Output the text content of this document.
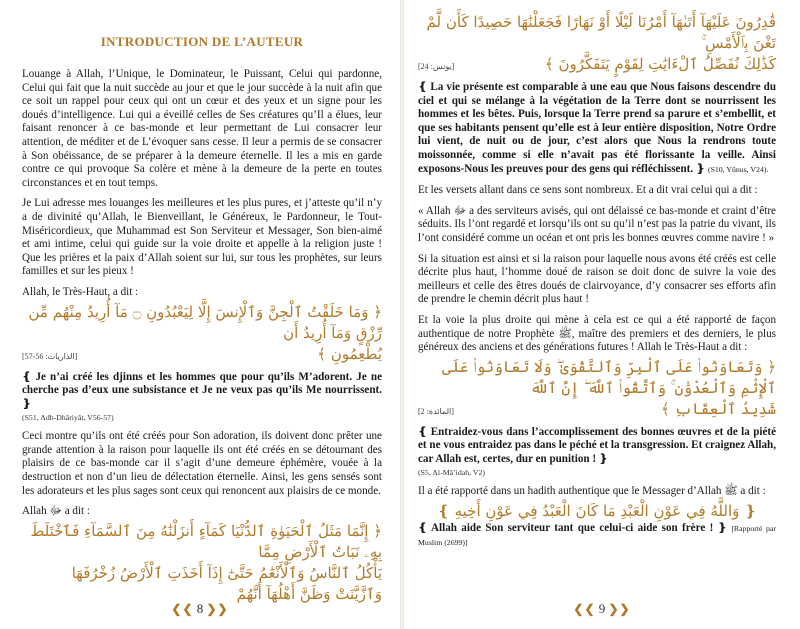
INTRODUCTION DE L’AUTEUR

Louange à Allah, l’Unique, le Dominateur, le Puissant, Celui qui pardonne, Celui qui fait que la nuit succède au jour et que le jour succède à la nuit afin que ce soit un rappel pour ceux qui ont un cœur et des yeux et un signe pour les doués d’intelligence. Lui qui a éveillé celles de Ses créatures qu’Il a élues, leur faisant renoncer à ce bas-monde et leur permettant de Lui consacrer leur attention, de méditer et de L’évoquer sans cesse. Il leur a permis de se consacrer à Son obéissance, de se préparer à la demeure éternelle. Il les a mis en garde contre ce qui provoque Sa colère et mène à la demeure de la perte en toutes circonstances et en tout temps.

Je Lui adresse mes louanges les meilleures et les plus pures, et j’atteste qu’il n’y a de divinité qu’Allah, le Bienveillant, le Généreux, le Pardonneur, le Tout-Miséricordieux, que Muhammad est Son Serviteur et Messager, Son bien-aimé et ami intime, celui qui guide sur la voie droite et appelle à la religion juste ! Que les prières et la paix d’Allah soient sur lui, sur tous les prophètes, sur leurs familles et sur les pieux !

Allah, le Très-Haut, a dit :

﴿ وَمَا خَلَقْتُ ٱلْجِنَّ وَٱلْإِنسَ إِلَّا لِيَعْبُدُونِ ۝ مَآ أُرِيدُ مِنْهُم مِّن رِّزْقٍ وَمَآ أُرِيدُ أَن
[الذاريات: 56-57]	يُطْعِمُونِ ﴾
❴ Je n’ai créé les djinns et les hommes que pour qu’ils M’adorent. Je ne cherche pas d’eux une subsistance et Je ne veux pas qu’ils Me nourrissent. ❵
(S51, Adh-Dhâriyât, V56-57)

Ceci montre qu’ils ont été créés pour Son adoration, ils doivent donc prêter une grande attention à la raison pour laquelle ils ont été créés en se détournant des plaisirs de ce bas-monde car il s’agit d’une demeure éphémère, vouée à la destruction et non d’un lieu de délectation éternelle. Ainsi, les gens sensés sont les adorateurs et les plus sages sont ceux qui renoncent aux plaisirs de ce monde.

Allah ﷻ a dit :

﴿ إِنَّمَا مَثَلُ ٱلْحَيَوٰةِ ٱلدُّنْيَا كَمَآءٍ أَنزَلْنَٰهُ مِنَ ٱلسَّمَآءِ فَٱخْتَلَطَ بِهِۦ نَبَاتُ ٱلْأَرْضِ مِمَّا
يَأْكُلُ ٱلنَّاسُ وَٱلْأَنْعَٰمُ حَتَّىٰٓ إِذَآ أَخَذَتِ ٱلْأَرْضُ زُخْرُفَهَا وَٱزَّيَّنَتْ وَظَنَّ أَهْلُهَآ أَنَّهُمْ
❮❮ 8 ❯❯
قَٰدِرُونَ عَلَيْهَآ أَتَىٰهَآ أَمْرُنَا لَيْلًا أَوْ نَهَارًا فَجَعَلْنَٰهَا حَصِيدًا كَأَن لَّمْ تَغْنَ بِٱلْأَمْسِ ۚ
[يونس: 24]	كَذَٰلِكَ نُفَصِّلُ ٱلْءَايَٰتِ لِقَوْمٍ يَتَفَكَّرُونَ ﴾
❴ La vie présente est comparable à une eau que Nous faisons descendre du ciel et qui se mélange à la végétation de la Terre dont se nourrissent les hommes et les bêtes. Puis, lorsque la Terre prend sa parure et s’embellit, et que ses habitants pensent qu’elle est à leur entière disposition, Notre Ordre lui vient, de nuit ou de jour, c’est alors que Nous la rendrons toute moissonnée, comme si elle n’avait pas été florissante la veille. Ainsi exposons-Nous les preuves pour des gens qui réfléchissent. ❵ (S10, Yûnus, V24).

Et les versets allant dans ce sens sont nombreux. Et a dit vrai celui qui a dit :

« Allah ﷻ a des serviteurs avisés, qui ont délaissé ce bas-monde et craint d’être séduits. Ils l’ont regardé et lorsqu’ils ont su qu’il n’est pas la patrie du vivant, ils l’ont considéré comme un océan et ont pris les bonnes œuvres comme navire ! »

Si la situation est ainsi et si la raison pour laquelle nous avons été créés est celle décrite plus haut, l’homme doué de raison se doit donc de suivre la voie des meilleurs et celle des êtres doués de clairvoyance, d’y consacrer ses efforts afin de prendre le chemin décrit plus haut !

Et la voie la plus droite qui mène à cela est ce qui a été rapporté de façon authentique de notre Prophète ﷺ, maître des premiers et des derniers, le plus généreux des anciens et des générations futures ! Allah le Très-Haut a dit :

﴿ وَتَعَاوَنُوا۟ عَلَى ٱلْبِرِّ وَٱلتَّقْوَىٰ ۖ وَلَا تَعَاوَنُوا۟ عَلَى ٱلْإِثْمِ وَٱلْعُدْوَٰنِ ۚ وَٱتَّقُوا۟ ٱللَّهَ ۖ إِنَّ ٱللَّهَ
[المائدة: 2]	شَدِيدُ ٱلْعِقَابِ ﴾
❴ Entraidez-vous dans l’accomplissement des bonnes œuvres et de la piété et ne vous entraidez pas dans le péché et la transgression. Et craignez Allah, car Allah est, certes, dur en punition ! ❵
(S5, Al-Mâ’idah, V2)

Il a été rapporté dans un hadith authentique que le Messager d’Allah ﷺ a dit :

❴ وَاللَّهُ فِي عَوْنِ الْعَبْدِ مَا كَانَ الْعَبْدُ فِي عَوْنِ أَخِيهِ ❵
❴ Allah aide Son serviteur tant que celui-ci aide son frère ! ❵ [Rapporté par Muslim (2699)]
❮❮ 9 ❯❯
